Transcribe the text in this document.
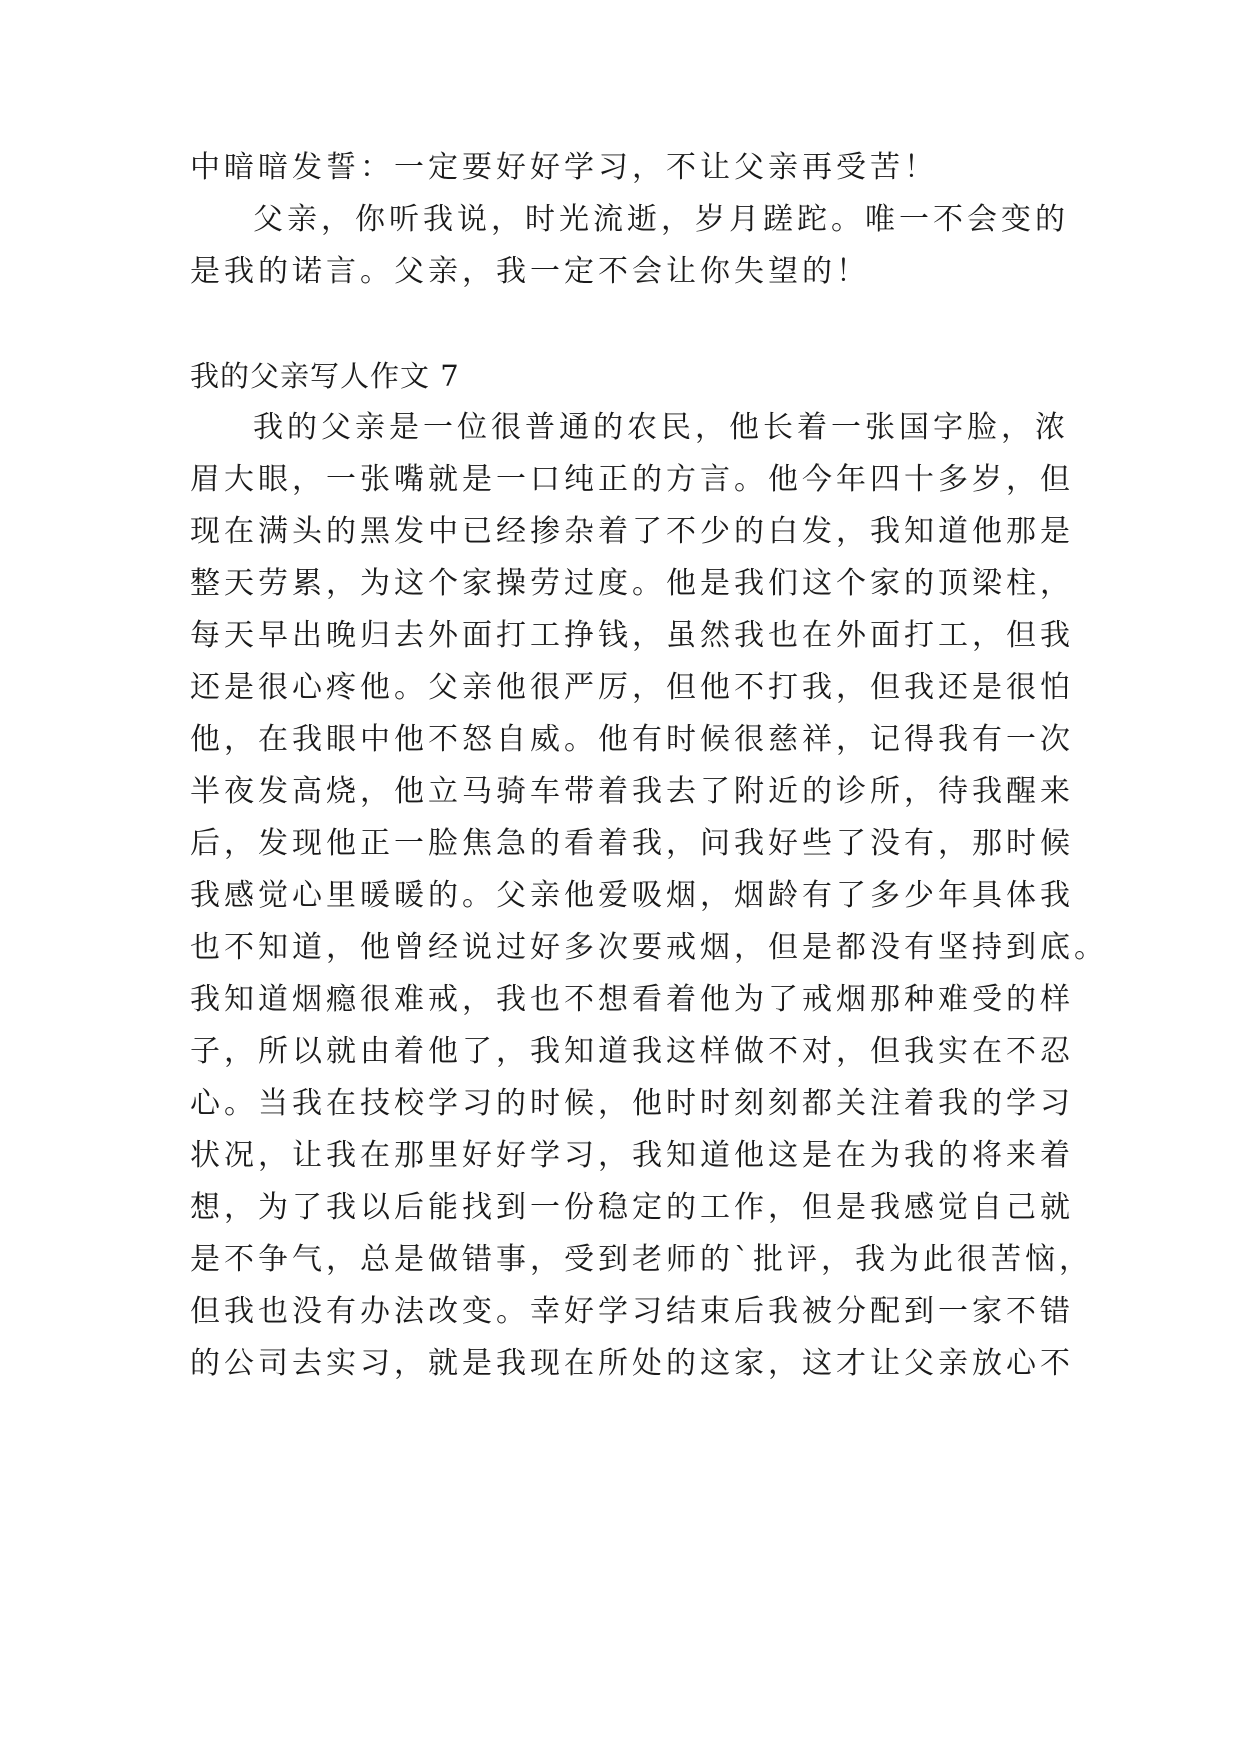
中暗暗发誓：一定要好好学习，不让父亲再受苦！
父亲，你听我说，时光流逝，岁月蹉跎。唯一不会变的
是我的诺言。父亲，我一定不会让你失望的！
我的父亲写人作文 7
我的父亲是一位很普通的农民，他长着一张国字脸，浓
眉大眼，一张嘴就是一口纯正的方言。他今年四十多岁，但
现在满头的黑发中已经掺杂着了不少的白发，我知道他那是
整天劳累，为这个家操劳过度。他是我们这个家的顶梁柱，
每天早出晚归去外面打工挣钱，虽然我也在外面打工，但我
还是很心疼他。父亲他很严厉，但他不打我，但我还是很怕
他，在我眼中他不怒自威。他有时候很慈祥，记得我有一次
半夜发高烧，他立马骑车带着我去了附近的诊所，待我醒来
后，发现他正一脸焦急的看着我，问我好些了没有，那时候
我感觉心里暖暖的。父亲他爱吸烟，烟龄有了多少年具体我
也不知道，他曾经说过好多次要戒烟，但是都没有坚持到底。
我知道烟瘾很难戒，我也不想看着他为了戒烟那种难受的样
子，所以就由着他了，我知道我这样做不对，但我实在不忍
心。当我在技校学习的时候，他时时刻刻都关注着我的学习
状况，让我在那里好好学习，我知道他这是在为我的将来着
想，为了我以后能找到一份稳定的工作，但是我感觉自己就
是不争气，总是做错事，受到老师的`批评，我为此很苦恼，
但我也没有办法改变。幸好学习结束后我被分配到一家不错
的公司去实习，就是我现在所处的这家，这才让父亲放心不
